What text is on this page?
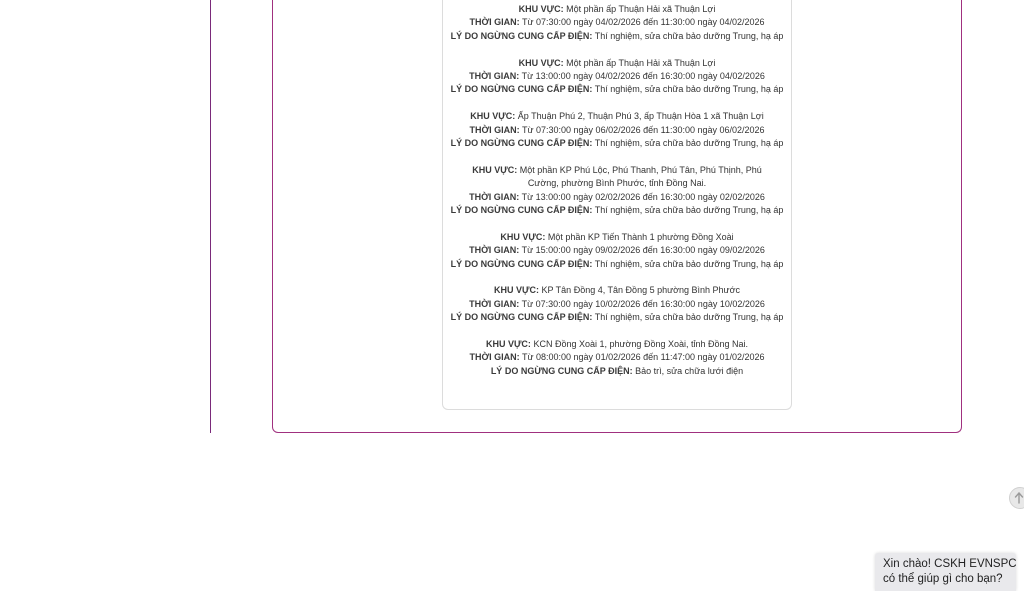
KHU VỰC: Một phần ấp Thuận Hải xã Thuận Lợi
THỜI GIAN: Từ 07:30:00 ngày 04/02/2026 đến 11:30:00 ngày 04/02/2026
LÝ DO NGỪNG CUNG CẤP ĐIỆN: Thí nghiệm, sửa chữa bảo dưỡng Trung, hạ áp
KHU VỰC: Một phần ấp Thuận Hải xã Thuận Lợi
THỜI GIAN: Từ 13:00:00 ngày 04/02/2026 đến 16:30:00 ngày 04/02/2026
LÝ DO NGỪNG CUNG CẤP ĐIỆN: Thí nghiệm, sửa chữa bảo dưỡng Trung, hạ áp
KHU VỰC: Ấp Thuận Phú 2, Thuận Phú 3, ấp Thuận Hòa 1 xã Thuận Lợi
THỜI GIAN: Từ 07:30:00 ngày 06/02/2026 đến 11:30:00 ngày 06/02/2026
LÝ DO NGỪNG CUNG CẤP ĐIỆN: Thí nghiệm, sửa chữa bảo dưỡng Trung, hạ áp
KHU VỰC: Một phần KP Phú Lộc, Phú Thanh, Phú Tân, Phú Thịnh, Phú Cường, phường Bình Phước, tỉnh Đồng Nai.
THỜI GIAN: Từ 13:00:00 ngày 02/02/2026 đến 16:30:00 ngày 02/02/2026
LÝ DO NGỪNG CUNG CẤP ĐIỆN: Thí nghiệm, sửa chữa bảo dưỡng Trung, hạ áp
KHU VỰC: Một phần KP Tiến Thành 1 phường Đồng Xoài
THỜI GIAN: Từ 15:00:00 ngày 09/02/2026 đến 16:30:00 ngày 09/02/2026
LÝ DO NGỪNG CUNG CẤP ĐIỆN: Thí nghiệm, sửa chữa bảo dưỡng Trung, hạ áp
KHU VỰC: KP Tân Đồng 4, Tân Đồng 5 phường Bình Phước
THỜI GIAN: Từ 07:30:00 ngày 10/02/2026 đến 16:30:00 ngày 10/02/2026
LÝ DO NGỪNG CUNG CẤP ĐIỆN: Thí nghiệm, sửa chữa bảo dưỡng Trung, hạ áp
KHU VỰC: KCN Đồng Xoài 1, phường Đồng Xoài, tỉnh Đồng Nai.
THỜI GIAN: Từ 08:00:00 ngày 01/02/2026 đến 11:47:00 ngày 01/02/2026
LÝ DO NGỪNG CUNG CẤP ĐIỆN: Bảo trì, sửa chữa lưới điện
Xin chào! CSKH EVNSPC
có thể giúp gì cho bạn?
